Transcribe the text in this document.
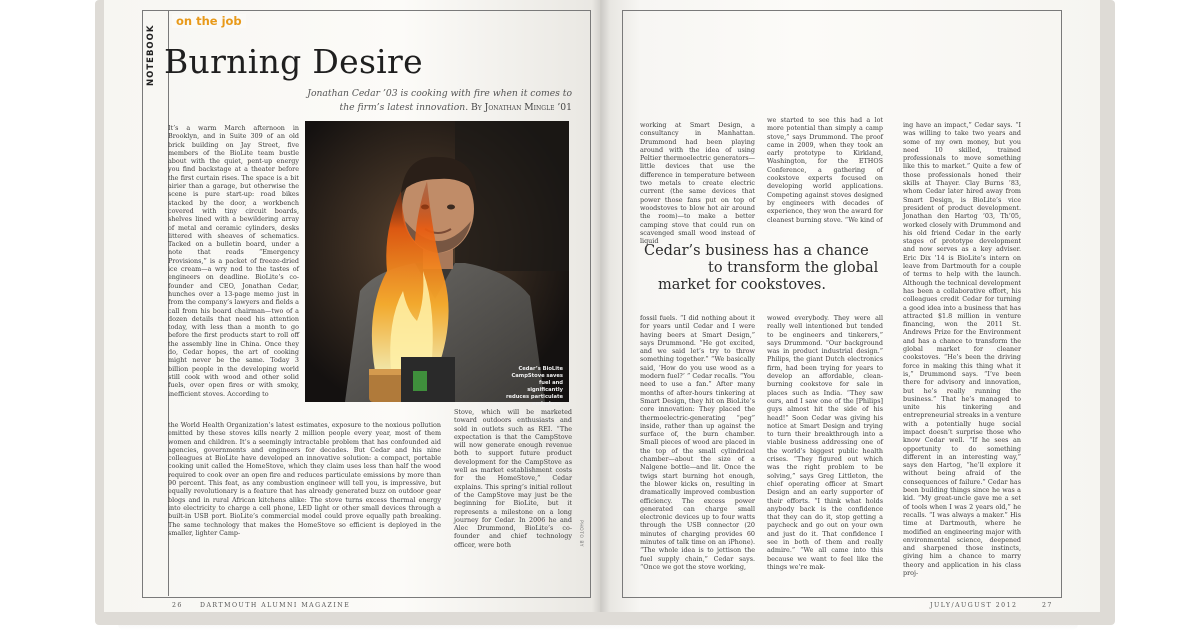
NOTEBOOK
on the job
Burning Desire
Jonathan Cedar ’03 is cooking with fire when it comes to the firm’s latest innovation. By Jonathan Mingle ’01
Cedar’s BioLite CampStove saves fuel and significantly reduces particulate emissions.
It’s a warm March afternoon in Brooklyn, and in Suite 309 of an old brick building on Jay Street, five members of the BioLite team bustle about with the quiet, pent-up energy you find backstage at a theater before the first curtain rises. The space is a bit airier than a garage, but otherwise the scene is pure start-up: road bikes stacked by the door, a workbench covered with tiny circuit boards, shelves lined with a bewildering array of metal and ceramic cylinders, desks littered with sheaves of schematics. Tacked on a bulletin board, under a note that reads “Emergency Provisions,” is a packet of freeze-dried ice cream—a wry nod to the tastes of engineers on deadline. BioLite’s co-founder and CEO, Jonathan Cedar, hunches over a 13-page memo just in from the company’s lawyers and fields a call from his board chairman—two of a dozen details that need his attention today, with less than a month to go before the first products start to roll off the assembly line in China. Once they do, Cedar hopes, the art of cooking might never be the same. Today 3 billion people in the developing world still cook with wood and other solid fuels, over open fires or with smoky, inefficient stoves. According to
the World Health Organization’s latest estimates, exposure to the noxious pollution emitted by these stoves kills nearly 2 million people every year, most of them women and children. It’s a seemingly intractable problem that has confounded aid agencies, governments and engineers for decades. But Cedar and his nine colleagues at BioLite have developed an innovative solution: a compact, portable cooking unit called the HomeStove, which they claim uses less than half the wood required to cook over an open fire and reduces particulate emissions by more than 90 percent. This feat, as any combustion engineer will tell you, is impressive, but equally revolutionary is a feature that has already generated buzz on outdoor gear blogs and in rural African kitchens alike: The stove turns excess thermal energy into electricity to charge a cell phone, LED light or other small devices through a built-in USB port. BioLite’s commercial model could prove equally path breaking. The same technology that makes the HomeStove so efficient is deployed in the smaller, lighter Camp-
Stove, which will be marketed toward outdoors enthusiasts and sold in outlets such as REI. “The expectation is that the CampStove will now generate enough revenue both to support future product development for the CampStove as well as market establishment costs for the HomeStove,” Cedar explains. This spring’s initial rollout of the CampStove may just be the beginning for BioLite, but it represents a milestone on a long journey for Cedar. In 2006 he and Alec Drummond, BioLite’s co-founder and chief technology officer, were both	PHOTO BY
working at Smart Design, a consultancy in Manhattan. Drummond had been playing around with the idea of using Peltier thermoelectric generators—little devices that use the difference in temperature between two metals to create electric current (the same devices that power those fans put on top of woodstoves to blow hot air around the room)—to make a better camping stove that could run on scavenged small wood instead of liquid
we started to see this had a lot more potential than simply a camp stove,” says Drummond. The proof came in 2009, when they took an early prototype to Kirkland, Washington, for the ETHOS Conference, a gathering of cookstove experts focused on developing world applications. Competing against stoves designed by engineers with decades of experience, they won the award for cleanest burning stove. “We kind of
Cedar’s business has a chance
to transform the global
market for cookstoves.
fossil fuels. “I did nothing about it for years until Cedar and I were having beers at Smart Design,” says Drummond. “He got excited, and we said let’s try to throw something together.” “We basically said, ‘How do you use wood as a modern fuel?’ ” Cedar recalls. “You need to use a fan.” After many months of after-hours tinkering at Smart Design, they hit on BioLite’s core innovation: They placed the thermoelectric-generating “peg” inside, rather than up against the surface of, the burn chamber. Small pieces of wood are placed in the top of the small cylindrical chamber—about the size of a Nalgene bottle—and lit. Once the twigs start burning hot enough, the blower kicks on, resulting in dramatically improved combustion efficiency. The excess power generated can charge small electronic devices up to four watts through the USB connector (20 minutes of charging provides 60 minutes of talk time on an iPhone). “The whole idea is to jettison the fuel supply chain,” Cedar says. “Once we got the stove working,
wowed everybody. They were all really well intentioned but tended to be engineers and tinkerers,” says Drummond. “Our background was in product industrial design.” Philips, the giant Dutch electronics firm, had been trying for years to develop an affordable, clean-burning cookstove for sale in places such as India. “They saw ours, and I saw one of the [Philips] guys almost hit the side of his head!” Soon Cedar was giving his notice at Smart Design and trying to turn their breakthrough into a viable business addressing one of the world’s biggest public health crises. “They figured out which was the right problem to be solving,” says Greg Littleton, the chief operating officer at Smart Design and an early supporter of their efforts. “I think what holds anybody back is the confidence that they can do it, stop getting a paycheck and go out on your own and just do it. That confidence I see in both of them and really admire.” “We all came into this because we want to feel like the things we’re mak-
ing have an impact,” Cedar says. “I was willing to take two years and some of my own money, but you need 10 skilled, trained professionals to move something like this to market.” Quite a few of those professionals honed their skills at Thayer. Clay Burns ’83, whom Cedar later hired away from Smart Design, is BioLite’s vice president of product development. Jonathan den Hartog ’03, Th’05, worked closely with Drummond and his old friend Cedar in the early stages of prototype development and now serves as a key adviser. Eric Dix ’14 is BioLite’s intern on leave from Dartmouth for a couple of terms to help with the launch. Although the technical development has been a collaborative effort, his colleagues credit Cedar for turning a good idea into a business that has attracted $1.8 million in venture financing, won the 2011 St. Andrews Prize for the Environment and has a chance to transform the global market for cleaner cookstoves. “He’s been the driving force in making this thing what it is,” Drummond says. “I’ve been there for advisory and innovation, but he’s really running the business.” That he’s managed to unite his tinkering and entrepreneurial streaks in a venture with a potentially huge social impact doesn’t surprise those who know Cedar well. “If he sees an opportunity to do something different in an interesting way,” says den Hartog, “he’ll explore it without being afraid of the consequences of failure.” Cedar has been building things since he was a kid. “My great-uncle gave me a set of tools when I was 2 years old,” he recalls. “I was always a maker.” His time at Dartmouth, where he modified an engineering major with environmental science, deepened and sharpened those instincts, giving him a chance to marry theory and application in his class proj-
26	DARTMOUTH ALUMNI MAGAZINE	JULY/AUGUST 2012	27
